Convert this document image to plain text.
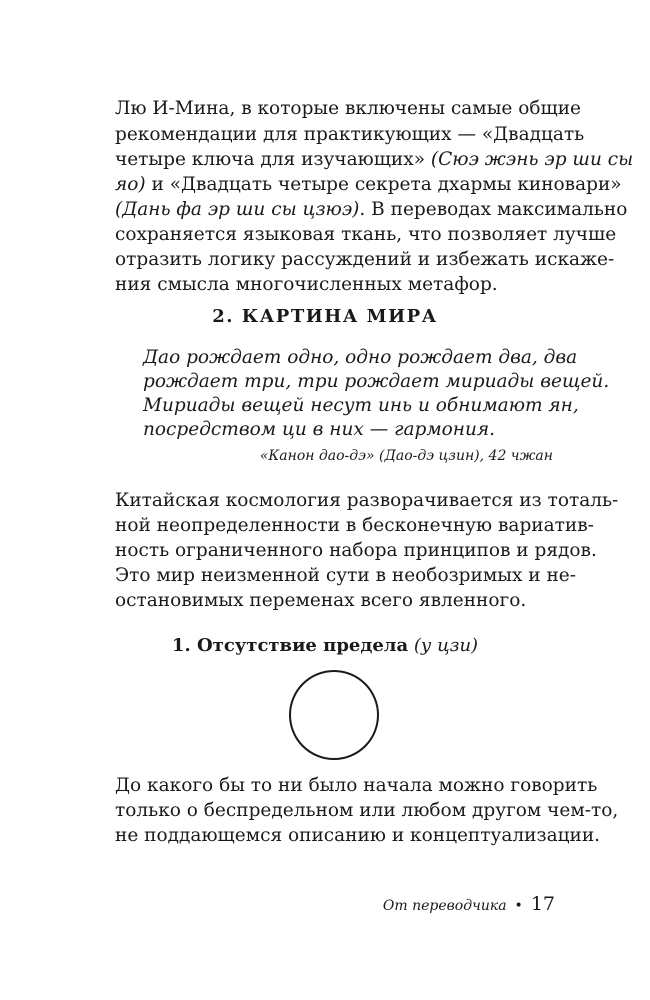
Лю И-Мина, в которые включены самые общие
рекомендации для практикующих — «Двадцать
четыре ключа для изучающих» (Сюэ жэнь эр ши сы
яо) и «Двадцать четыре секрета дхармы киновари»
(Дань фа эр ши сы цзюэ). В переводах максимально
сохраняется языковая ткань, что позволяет лучше
отразить логику рассуждений и избежать искаже-
ния смысла многочисленных метафор.
2. КАРТИНА МИРА
Дао рождает одно, одно рождает два, два
рождает три, три рождает мириады вещей.
Мириады вещей несут инь и обнимают ян,
посредством ци в них — гармония.
«Канон дао-дэ» (Дао-дэ цзин), 42 чжан
Китайская космология разворачивается из тоталь-
ной неопределенности в бесконечную вариатив-
ность ограниченного набора принципов и рядов.
Это мир неизменной сути в необозримых и не-
остановимых переменах всего явленного.
1. Отсутствие предела (у цзи)
До какого бы то ни было начала можно говорить
только о беспредельном или любом другом чем-то,
не поддающемся описанию и концептуализации.
От переводчика • 17
